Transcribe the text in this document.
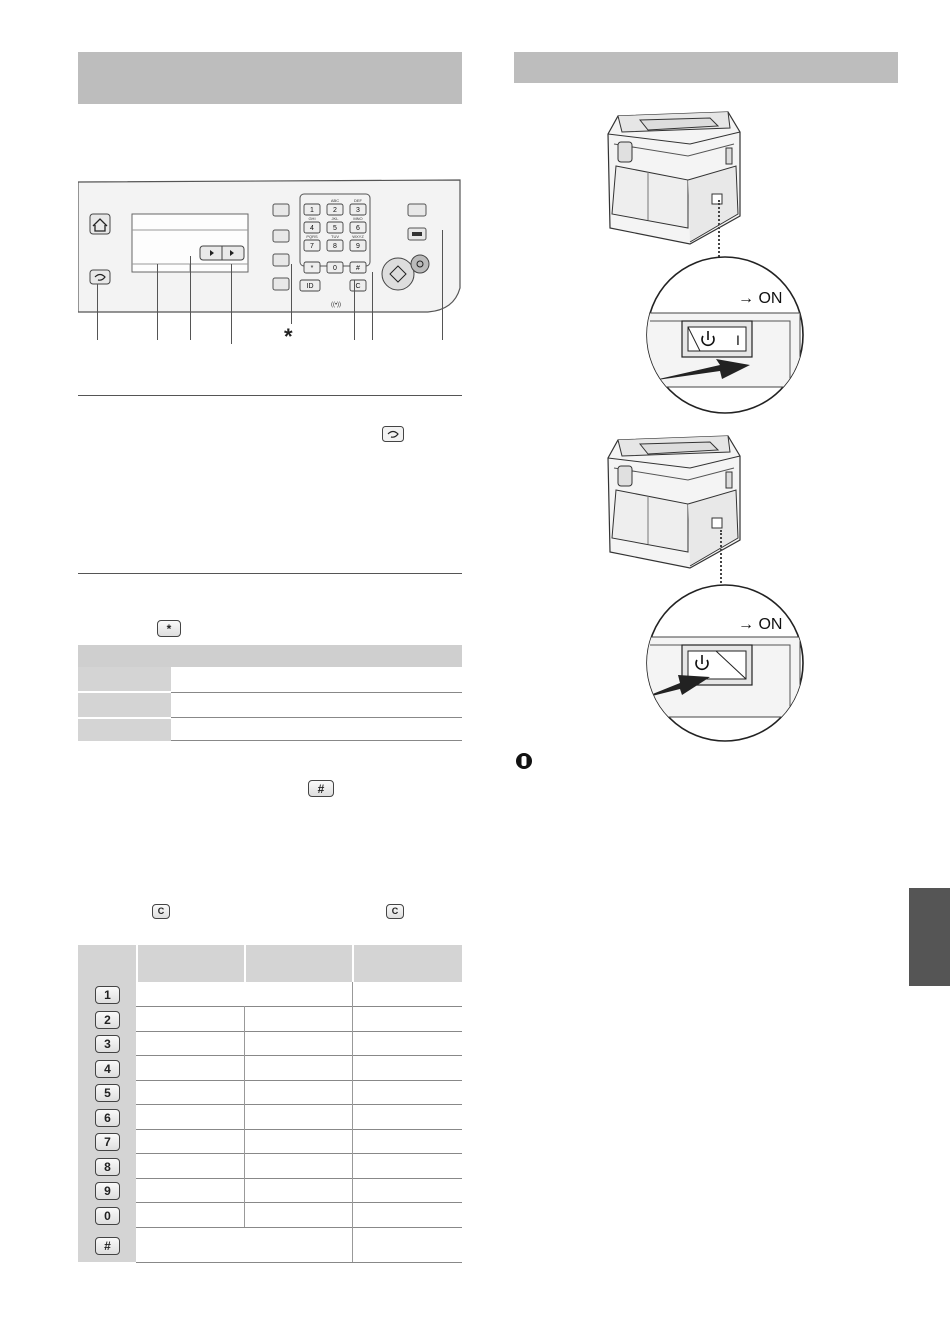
1	2	3
4	5	6
7	8	9
*	0	#
C
ID
ABC	DEF
GHI	JKL	MNO
PQRS	TUV	WXYZ
((•))
*
*
#
C	C
1
2
3
4
5
6
7
8
9
0
#
→ ON
I
→ ON
